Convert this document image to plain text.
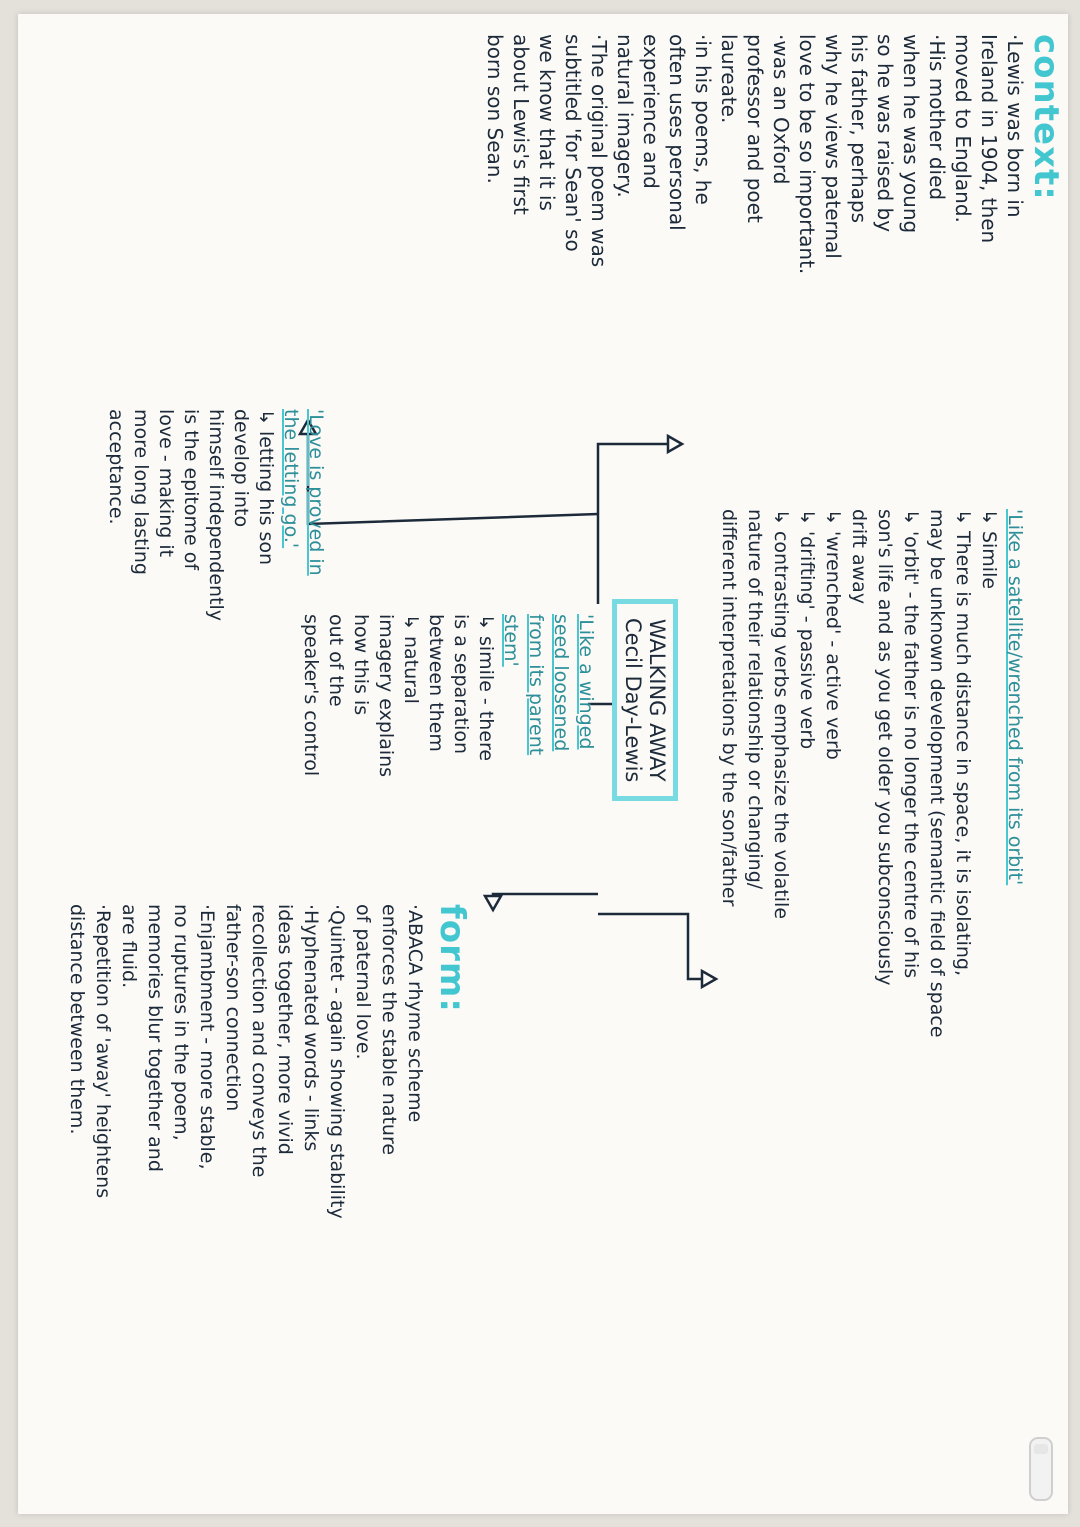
context:
·Lewis was born in
Ireland in 1904, then
moved to England.
·His mother died
when he was young
so he was raised by
his father, perhaps
why he views paternal
love to be so important.
·was an Oxford
professor and poet
laureate.
·in his poems, he
often uses personal
experience and
natural imagery.
·The original poem was
subtitled 'for Sean' so
we know that it is
about Lewis's first
born son Sean.
'Love is proved in
the letting go.'
↳ letting his son
develop into
himself independently
is the epitome of
love - making it
more long lasting
acceptance.
WALKING AWAY
Cecil Day-Lewis
'Like a winged
seed loosened
from its parent
stem'
↳ simile - there
is a separation
between them
↳ natural
imagery explains
how this is
out of the
speaker's control	'Like a satellite/wrenched from its orbit'
↳ Simile
↳ There is much distance in space, it is isolating,
may be unknown development (semantic field of space
↳ 'orbit' - the father is no longer the centre of his
son's life and as you get older you subconsciously
drift away
↳ 'wrenched' - active verb
↳ 'drifting' - passive verb
↳ contrasting verbs emphasize the volatile
nature of their relationship or changing/
different interpretations by the son/father
form:
·ABACA rhyme scheme
enforces the stable nature
of paternal love.
·Quintet - again showing stability
·Hyphenated words - links
ideas together, more vivid
recollection and conveys the
father-son connection
·Enjambment - more stable,
no ruptures in the poem,
memories blur together and
are fluid.
·Repetition of 'away' heightens
distance between them.
